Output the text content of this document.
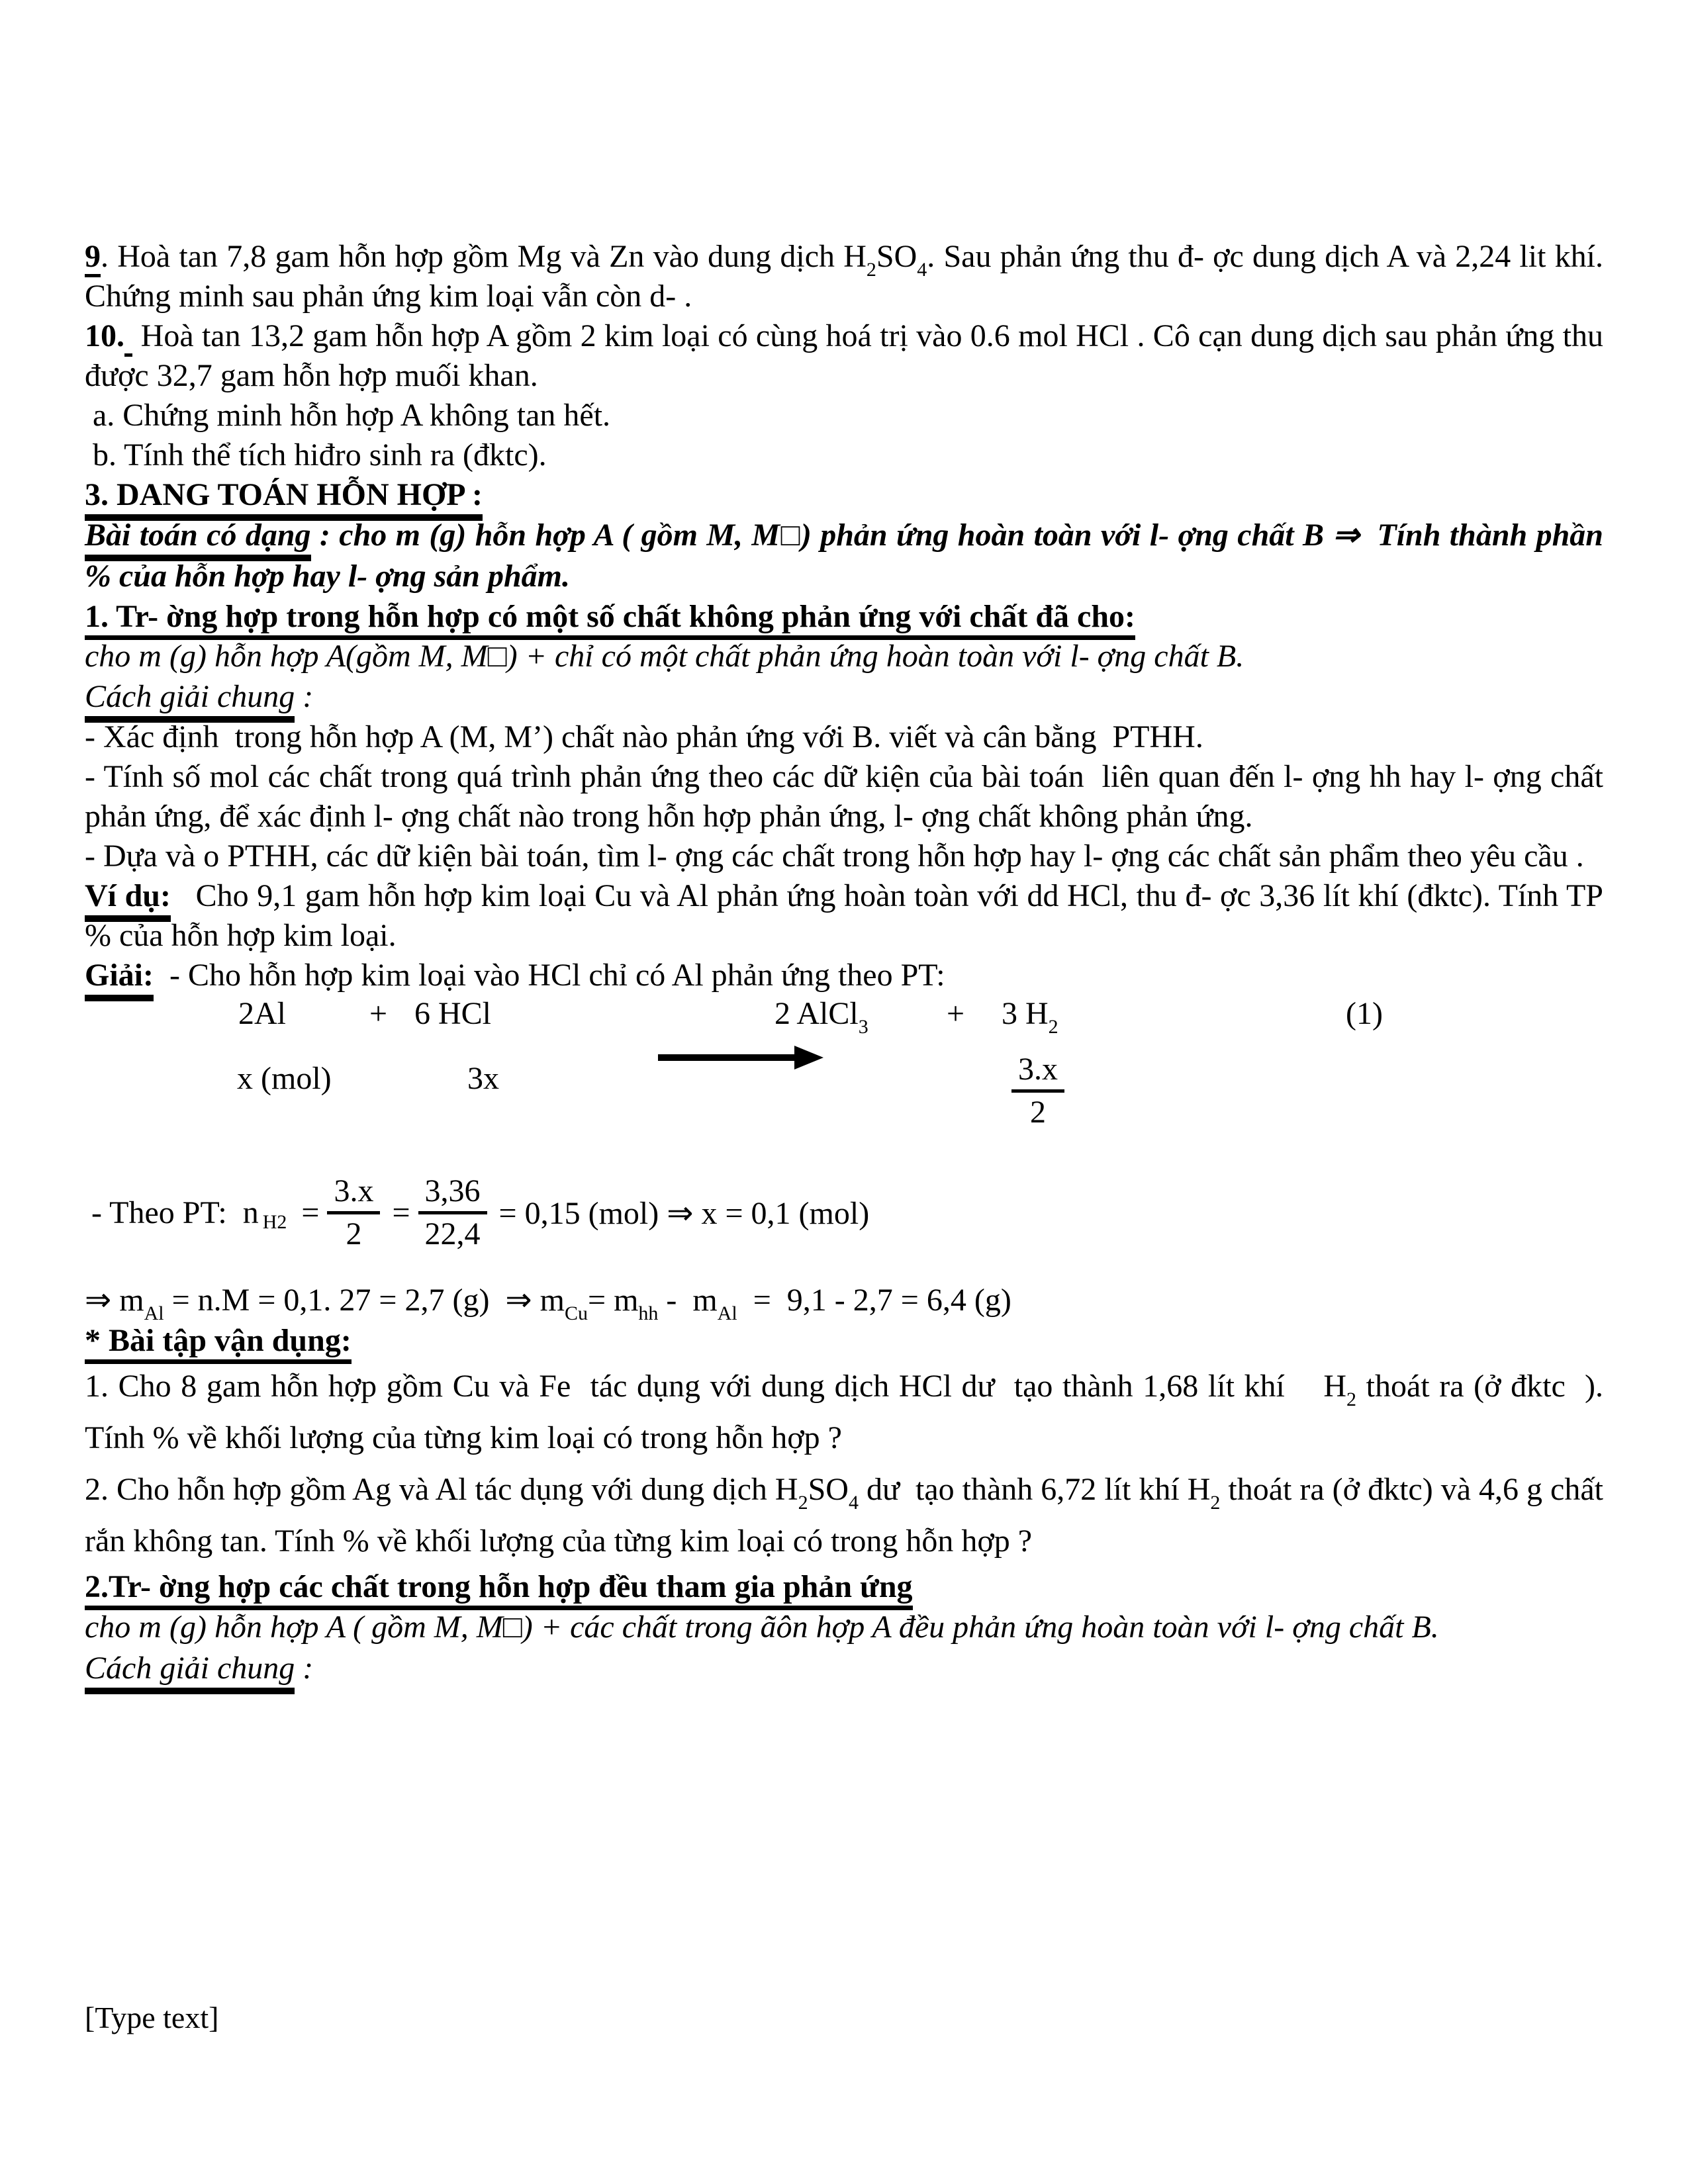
9. Hoà tan 7,8 gam hỗn hợp gồm Mg và Zn vào dung dịch $H_2SO_4$. Sau phản ứng thu đ- ợc dung dịch A và 2,24 lit khí. Chứng minh sau phản ứng kim loại vẫn còn d- .

10.  Hoà tan 13,2 gam hỗn hợp A gồm 2 kim loại có cùng hoá trị vào 0.6 mol HCl . Cô cạn dung dịch sau phản ứng thu được 32,7 gam hỗn hợp muối khan.

a. Chứng minh hỗn hợp A không tan hết.

b. Tính thể tích hiđro sinh ra (đktc).

3. DANG TOÁN HỖN HỢP :

Bài toán có dạng : cho m (g) hỗn hợp A ( gồm M, M□) phản ứng hoàn toàn với l- ợng chất B ⇒  Tính thành phần % của hỗn hợp hay l- ợng sản phẩm.

1. Tr- ờng hợp trong hỗn hợp có một số chất không phản ứng với chất đã cho:

cho m (g) hỗn hợp A(gồm M, M□) + chỉ có một chất phản ứng hoàn toàn với l- ợng chất B.

Cách giải chung :

- Xác định  trong hỗn hợp A (M, M’) chất nào phản ứng với B. viết và cân bằng  PTHH.

- Tính số mol các chất trong quá trình phản ứng theo các dữ kiện của bài toán  liên quan đến l- ợng hh hay l- ợng chất phản ứng, để xác định l- ợng chất nào trong hỗn hợp phản ứng, l- ợng chất không phản ứng.

- Dựa và o PTHH, các dữ kiện bài toán, tìm l- ợng các chất trong hỗn hợp hay l- ợng các chất sản phẩm theo yêu cầu .

Ví dụ:   Cho 9,1 gam hỗn hợp kim loại Cu và Al phản ứng hoàn toàn với dd HCl, thu đ- ợc 3,36 lít khí (đktc). Tính TP % của hỗn hợp kim loại.

Giải:  - Cho hỗn hợp kim loại vào HCl chỉ có Al phản ứng theo PT:

2Al	+ 6 HCl

	2 AlCl$_3$ + 3 $H_2$	(1)
x (mol)	3x	$\frac{3.x}{2}$
- Theo PT:  n $H2 = \frac{3.x}{2} = \frac{3,36}{22,4} = 0,15$ (mol) ⇒ x = 0,1 (mol)
⇒ $m_{Al} = n.M = 0,1$. 27 = 2,7 (g)  ⇒ $m_{Cu}= m_{hh} - m_{Al} = 9,1 - 2,7 = 6,4$ (g)

* Bài tập vận dụng:

1. Cho 8 gam hỗn hợp gồm Cu và Fe  tác dụng với dung dịch HCl dư  tạo thành 1,68 lít khí    $H_2$ thoát ra (ở đktc  ). Tính % về khối lượng của từng kim loại có trong hỗn hợp ?

2. Cho hỗn hợp gồm Ag và Al tác dụng với dung dịch $H_2SO_4$ dư  tạo thành 6,72 lít khí $H_2$ thoát ra (ở đktc) và 4,6 g chất rắn không tan. Tính % về khối lượng của từng kim loại có trong hỗn hợp ?

2.Tr- ờng hợp các chất trong hỗn hợp đều tham gia phản ứng

cho m (g) hỗn hợp A ( gồm M, M□) + các chất trong ãôn hợp A đều phản ứng hoàn toàn với l- ợng chất B.

Cách giải chung :

[Type text]
